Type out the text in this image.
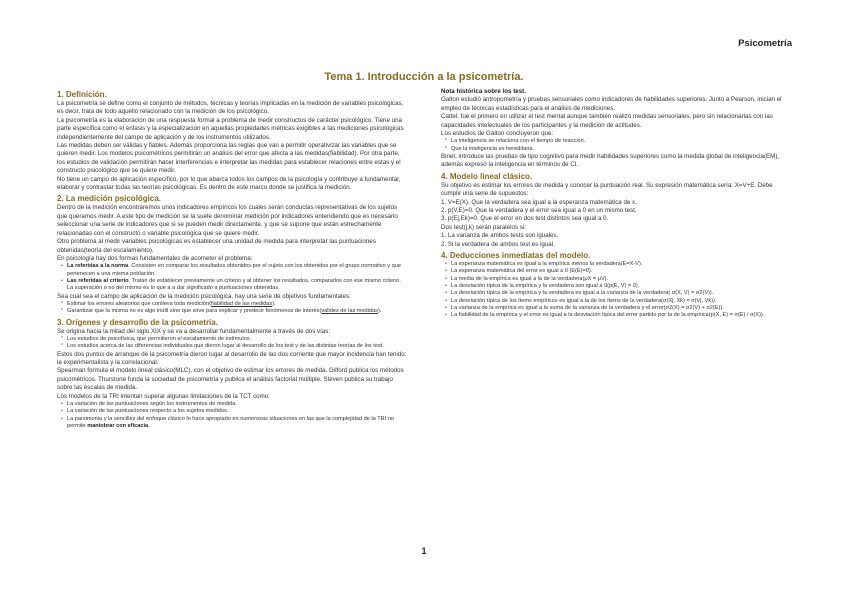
Psicometría
Tema 1. Introducción a la psicometría.
1. Definición.

La psicometría se define como el conjunto de métodos, técnicas y teorías implicadas en la medición de variables psicológicas, es decir, trata de todo aquello relacionado con la medición de los psicológico.

La psicometría es la elaboración de una respuesta formal a problema de medir constructos de carácter psicológico. Tiene una parte específica como el énfasis y la especialización en aquellas propiedades métricas exigibles a las mediciones psicológicas independientemente del campo de aplicación y de los instrumentos utilizados.

Las medidas deben ser válidas y fiables. Además proporciona las reglas que van a permitir operativizar las variables que se quieren medir. Los modelos psicométricos permitirán un análisis del error que afecta a las medidas(fiabilidad). Por otra parte, los estudios de validación permitirán hacer interferencias e interpretar las medidas para establecer relaciones entre estas y el constructo psicológico que se quiere medir.

No tiene un campo de aplicación específico, por lo que abarca todos los campos de la psicología y contribuye a fundamentar, elaborar y contrastar todas las teorías psicológicas. Es dentro de este marco donde se justifica la medición.

2. La medición psicológica.

Dentro de la medición encontraremos unos indicadores empíricos los cuales serán conductas representativas de los sujetos que queramos medir. A este tipo de medición se la suele denominar medición por indicadores entendiendo que es necesario seleccionar una serie de indicadores que si se pueden medir directamente, y que se supone que están estrechamente relacionadas con el constructo o variable psicológica que se quiere medir.

Otro problema al medir variables psicológicas es establecer una unidad de medida para interpretar las puntuaciones obtenidas(teoría del escalamiento).

En psicología hay dos formas fundamentales de acometer el problema:

• La referidas a la norma. Consisten en comparar los resultados obtenidos por el sujeto con los obtenidos por el grupo normativo y que pertenecen a una misma población.
• Las referidas al criterio. Tratan de establecer previamente un criterio y al obtener los resultados, compararlos con ese mismo criterio. La superación o no del mismo es lo que a a dar significado a puntuaciones obtenidas.

Sea cual sea el campo de aplicación de la medición psicológica, hay una serie de objetivos fundamentales:

° Estimar los errores aleatorios que conlleva toda medición(fiabilidad de las medidas).
° Garantizar que la misma no es algo inútil sino que sirve para explicar y predecir fenómenos de interés(validez de las medidas).
3. Orígenes y desarrollo de la psicometría.

Se origina hacia la mitad del siglo XIX y se va a desarrollar fundamentalmente a través de dos vías:

° Los estudios de psicofísica, que permitieron el escalamiento de estímulos.
° Los estudios acerca de las diferencias individuales que dieron lugar al desarrollo de los test y de las distintas teorías de los test.

Estos dos puntos de arranque de la psicometría dieron lugar al desarrollo de las dos corriente que mayor incidencia han tenido: la experimentalista y la correlacional.

Spearman formula el modelo lineal clásico(MLC), con el objetivo de estimar los errores de medida. Gilford publica los métodos psicométricos. Thurstone funda la sociedad de psicometría y publica el análisis factorial múltiple. Steven publica su trabajo sobre las escalas de medida.

Los modelos de la TRI intentan superar algunas limitaciones de la TCT como:

• La variación de las puntuaciones según los instrumentos de medida.
• La variación de las puntuaciones respecto a los sujetos medidos.
• La parsimonia y la sencillez del enfoque clásico lo hace apropiado en numerosas situaciones en las que la complejidad de la TRI no permite maniobrar con eficacia.

Nota histórica sobre los test.

Galton estudió antropometría y pruebas sensoriales como indicadores de habilidades superiores. Junto a Pearson, inician el empleo de técnicas estadísticas para el análisis de mediciones.

Cattel, fue el primero en utilizar el test mental aunque también realizó medidas sensoriales, pero sin relacionarlas con las capacidades intelectuales de los participantes y la medición de actitudes.

Los estudios de Galton concluyeron que:

° La inteligencia se relaciona con el tiempo de reacción.
° Que la inteligencia es hereditaria.

Binet, introduce las pruebas de tipo cognitivo para medir habilidades superiores como la medida global de inteligencia(EM), además expresó la inteligencia en términos de CI.

4. Modelo lineal clásico.

Su objetivo es estimar los errores de medida y conocer la puntuación real. Su expresión matemática sería: X=V+E. Debe cumplir una serie de supuestos:

1. V=E(X). Que la verdadera sea igual a la esperanza matemática de x.

2. p(V,E)=0. Que la verdadera y el error sea igual a 0 en un mismo test.

3. p(Ej,Ek)=0. Que el error en dos test distintos sea igual a 0.

Dos test(j,k) serán paralelos si:

1. La varianza de ambos tests son iguales.

2. Si la verdadera de ambos test es igual.

4. Deducciones inmediatas del modelo.
• La esperanza matemática es igual a la empírica menos la verdadera(E=X-V).
• La esperanza matemática del error es igual a 0 (E(E)=0).
• La media de la empírica es igual a la de la verdadera(μX = μV).
• La desviación típica de la empírica y la verdadera son igual a 0(p(E, V) = 0).
• La desviación típica de la empírica y la verdadera es igual a la varianza de la verdadera( σ(X, V) = σ2(V)).
• La desviación típica de los ítems empíricos es igual a la de los ítems de la verdadera(σ(Xj, Xk) = σ(Vj, Vk)).
• La varianza de la empírica es igual a la suma de la varianza de la verdadera y el error(σ2(X) = σ2(V) + σ2(E)).
• La fiabilidad de la empírica y el error es igual a la desviación típica del error partido por la de la empírica(p(X, E) = σ(E) / σ(X)).
1
